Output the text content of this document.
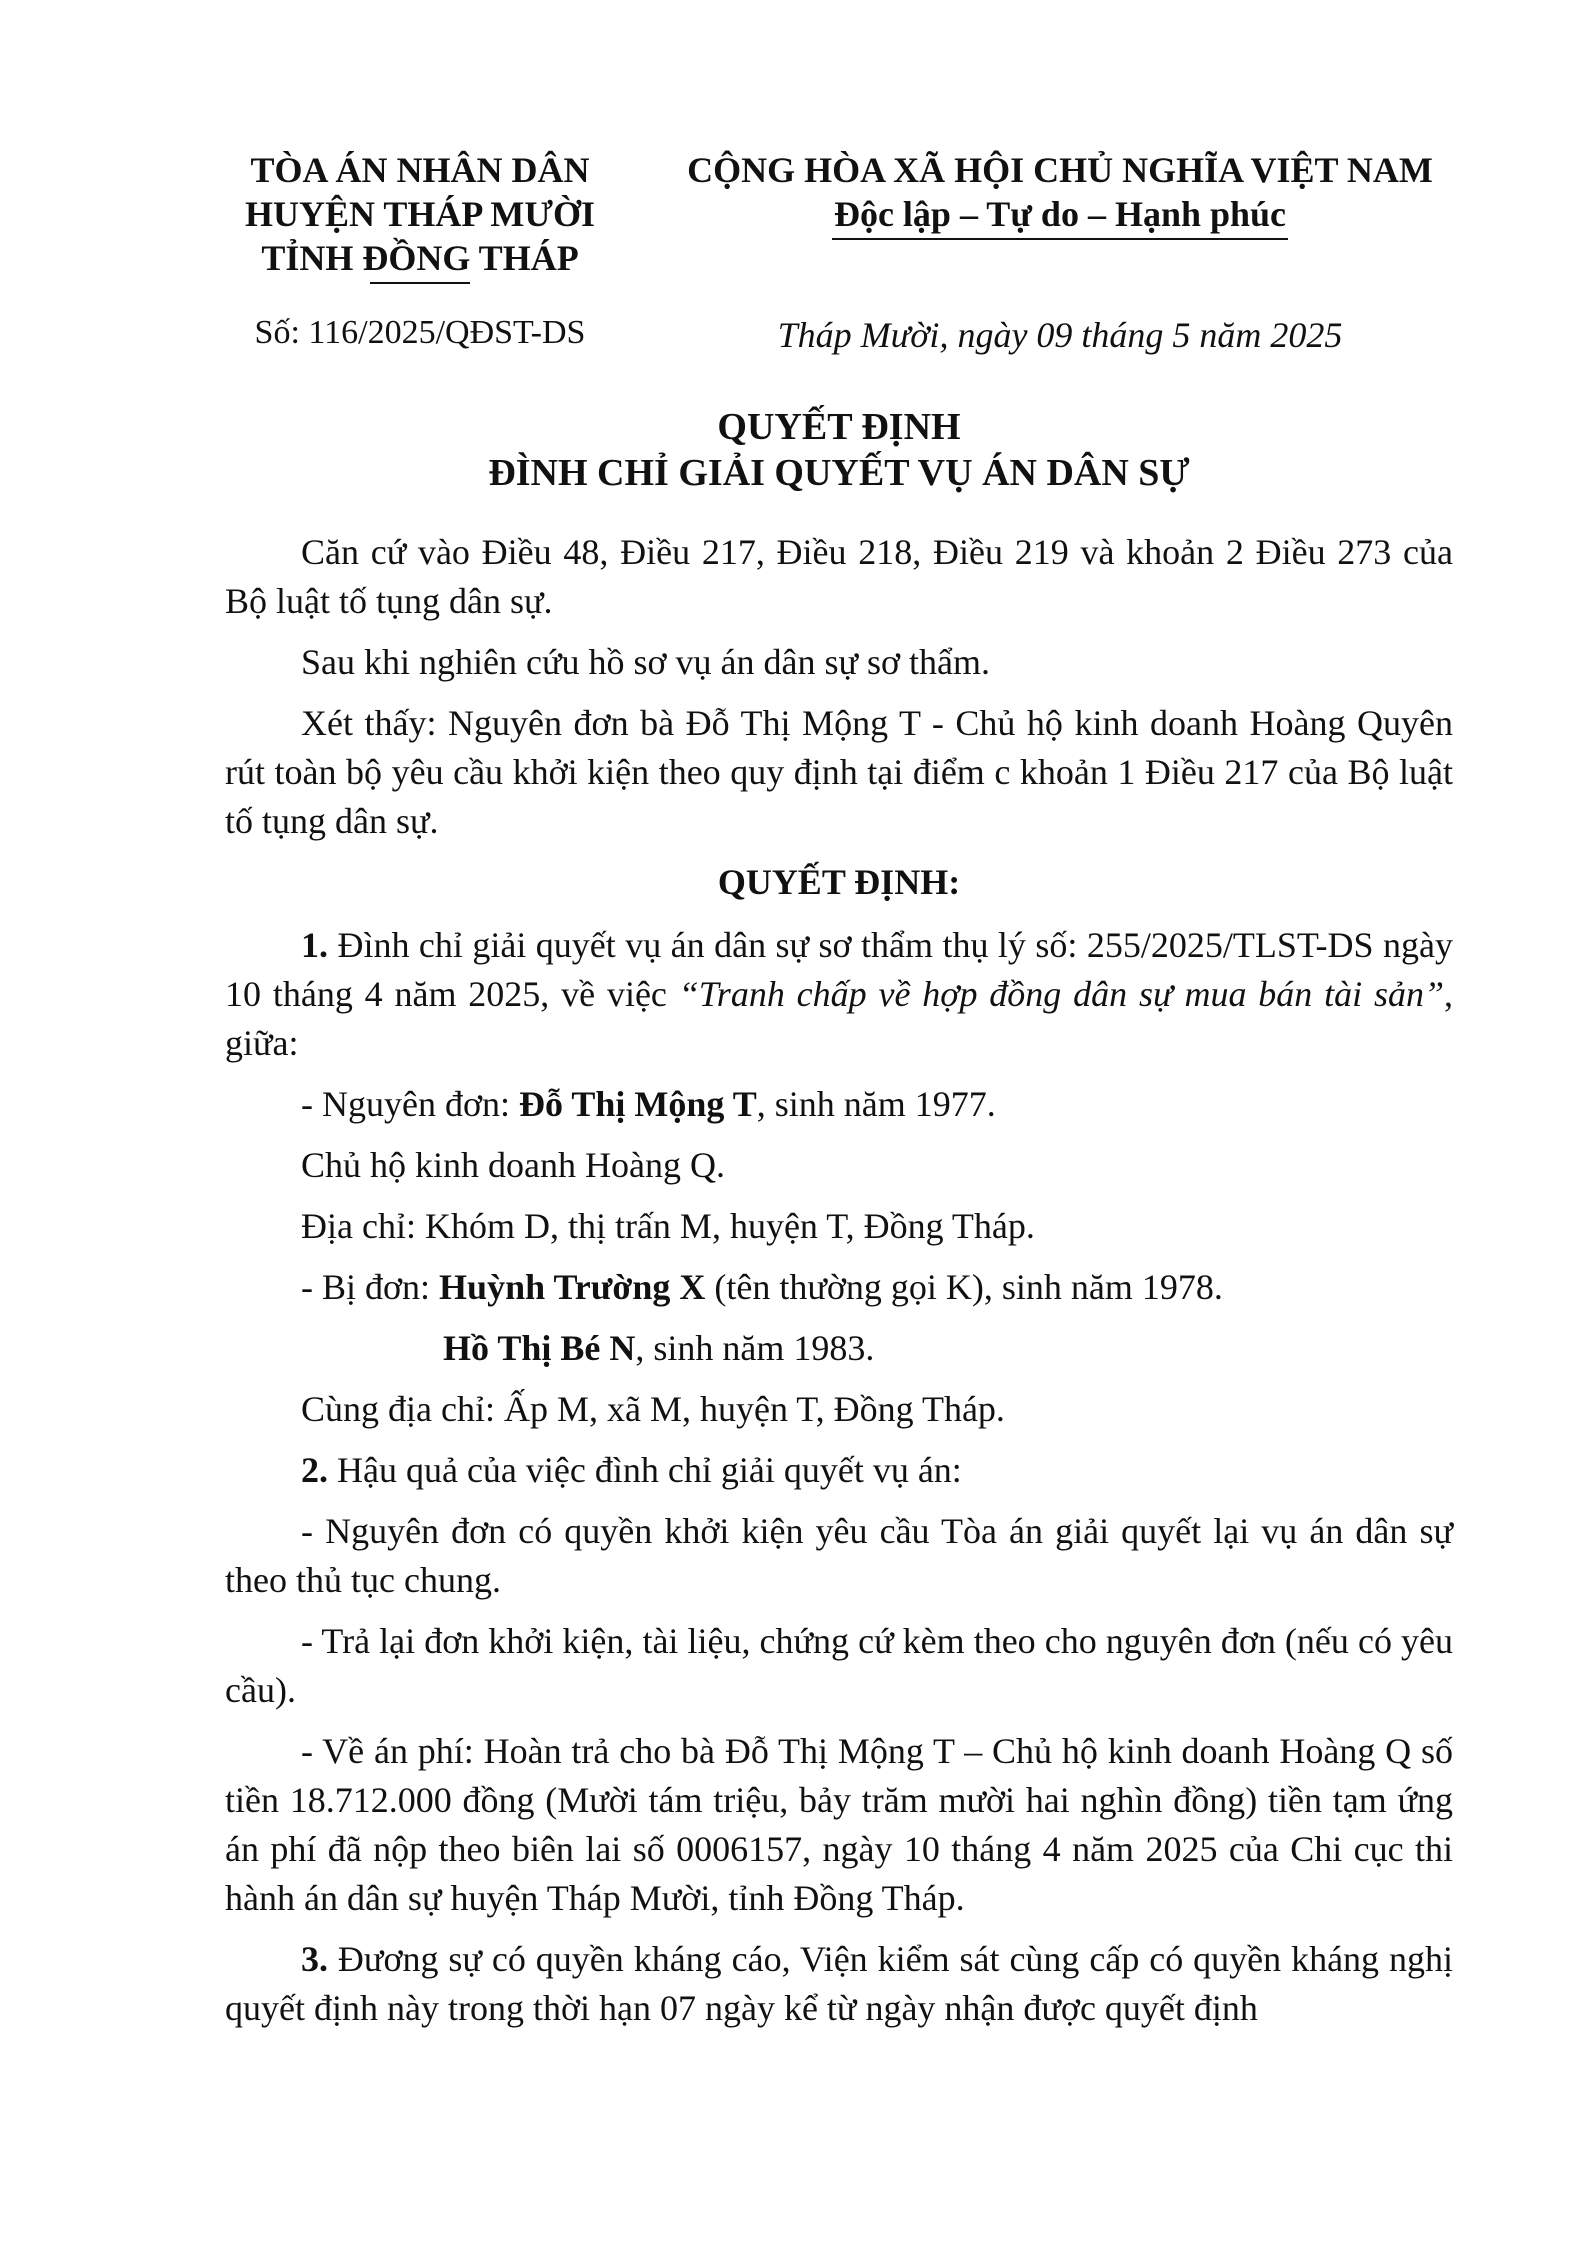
TÒA ÁN NHÂN DÂN
HUYỆN THÁP MƯỜI
TỈNH ĐỒNG THÁP
CỘNG HÒA XÃ HỘI CHỦ NGHĨA VIỆT NAM
Độc lập – Tự do – Hạnh phúc
Số: 116/2025/QĐST-DS	Tháp Mười, ngày 09 tháng 5 năm 2025
QUYẾT ĐỊNH
ĐÌNH CHỈ GIẢI QUYẾT VỤ ÁN DÂN SỰ

Căn cứ vào Điều 48, Điều 217, Điều 218, Điều 219 và khoản 2 Điều 273 của Bộ luật tố tụng dân sự.

Sau khi nghiên cứu hồ sơ vụ án dân sự sơ thẩm.

Xét thấy: Nguyên đơn bà Đỗ Thị Mộng T - Chủ hộ kinh doanh Hoàng Quyên rút toàn bộ yêu cầu khởi kiện theo quy định tại điểm c khoản 1 Điều 217 của Bộ luật tố tụng dân sự.

QUYẾT ĐỊNH:

1. Đình chỉ giải quyết vụ án dân sự sơ thẩm thụ lý số: 255/2025/TLST-DS ngày 10 tháng 4 năm 2025, về việc “Tranh chấp về hợp đồng dân sự mua bán tài sản”, giữa:

- Nguyên đơn: Đỗ Thị Mộng T, sinh năm 1977.

Chủ hộ kinh doanh Hoàng Q.

Địa chỉ: Khóm D, thị trấn M, huyện T, Đồng Tháp.

- Bị đơn: Huỳnh Trường X (tên thường gọi K), sinh năm 1978.

Hồ Thị Bé N, sinh năm 1983.

Cùng địa chỉ: Ấp M, xã M, huyện T, Đồng Tháp.

2. Hậu quả của việc đình chỉ giải quyết vụ án:

- Nguyên đơn có quyền khởi kiện yêu cầu Tòa án giải quyết lại vụ án dân sự theo thủ tục chung.

- Trả lại đơn khởi kiện, tài liệu, chứng cứ kèm theo cho nguyên đơn (nếu có yêu cầu).

- Về án phí: Hoàn trả cho bà Đỗ Thị Mộng T – Chủ hộ kinh doanh Hoàng Q số tiền 18.712.000 đồng (Mười tám triệu, bảy trăm mười hai nghìn đồng) tiền tạm ứng án phí đã nộp theo biên lai số 0006157, ngày 10 tháng 4 năm 2025 của Chi cục thi hành án dân sự huyện Tháp Mười, tỉnh Đồng Tháp.

3. Đương sự có quyền kháng cáo, Viện kiểm sát cùng cấp có quyền kháng nghị quyết định này trong thời hạn 07 ngày kể từ ngày nhận được quyết định
